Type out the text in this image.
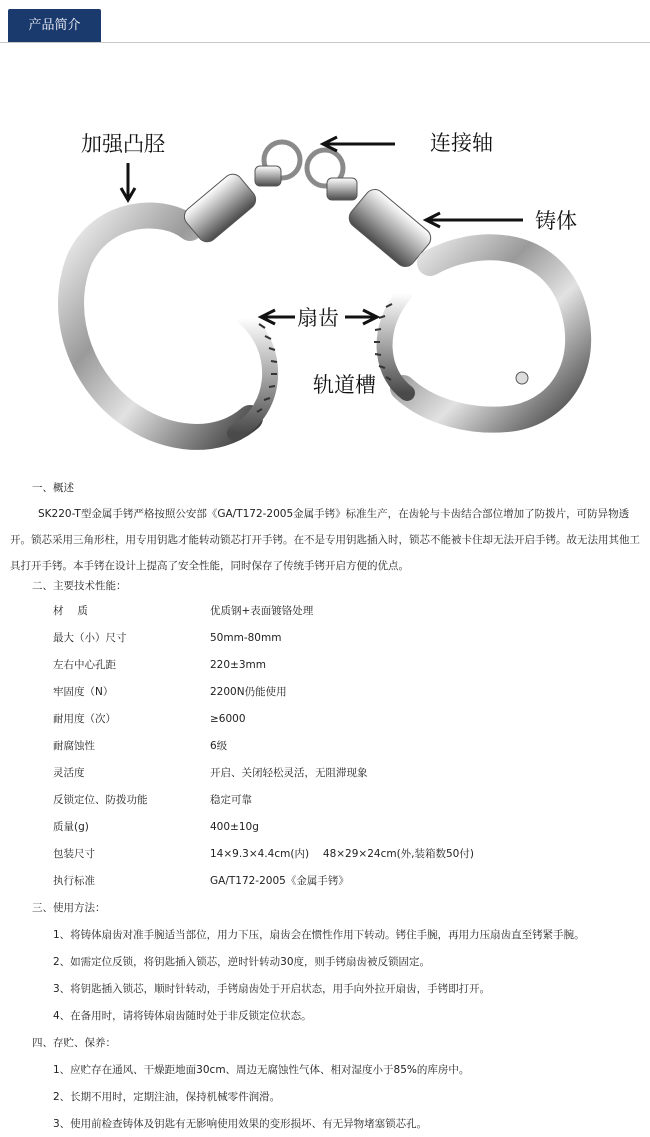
产品简介
加强凸胫	连接轴
铸体
扇齿
轨道槽
一、概述
SK220-T型金属手铐严格按照公安部《GA/T172-2005金属手铐》标准生产，在齿轮与卡齿结合部位增加了防拨片，可防异物透开。锁芯采用三角形柱，用专用钥匙才能转动锁芯打开手铐。在不是专用钥匙插入时，锁芯不能被卡住却无法开启手铐。故无法用其他工具打开手铐。本手铐在设计上提高了安全性能，同时保存了传统手铐开启方便的优点。
二、主要技术性能：
材　 质	优质钢+表面镀铬处理
最大（小）尺寸	50mm-80mm
左右中心孔距	220±3mm
牢固度（N）	2200N仍能使用
耐用度（次）	≥6000
耐腐蚀性	6级
灵活度	开启、关闭轻松灵活，无阻滞现象
反锁定位、防拨功能	稳定可靠
质量(g)	400±10g
包装尺寸	14×9.3×4.4cm(内)　 48×29×24cm(外,装箱数50付)
执行标准	GA/T172-2005《金属手铐》
三、使用方法：
1、将铸体扇齿对准手腕适当部位，用力下压，扇齿会在惯性作用下转动。铐住手腕，再用力压扇齿直至铐紧手腕。
2、如需定位反锁，将钥匙插入锁芯，逆时针转动30度，则手铐扇齿被反锁固定。
3、将钥匙插入锁芯，顺时针转动，手铐扇齿处于开启状态，用手向外拉开扇齿，手铐即打开。
4、在备用时，请将铸体扇齿随时处于非反锁定位状态。
四、存贮、保养：
1、应贮存在通风、干燥距地面30cm、周边无腐蚀性气体、相对湿度小于85%的库房中。
2、长期不用时，定期注油，保持机械零件润滑。
3、使用前检查铸体及钥匙有无影响使用效果的变形损坏、有无异物堵塞锁芯孔。
